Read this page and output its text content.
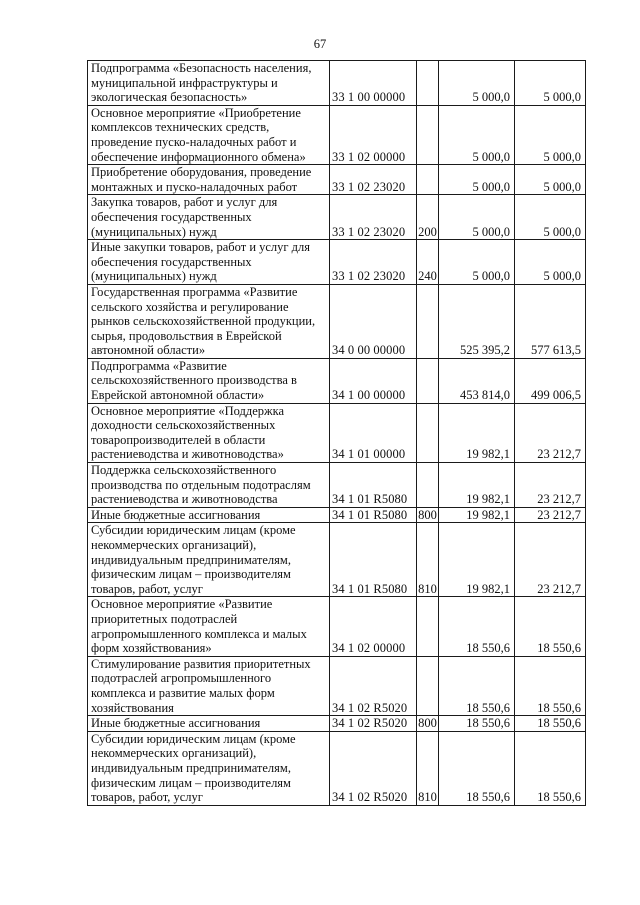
67
Подпрограмма «Безопасность населения,
муниципальной инфраструктуры и
экологическая безопасность»	33 1 00 00000		5 000,0	5 000,0

Основное мероприятие «Приобретение
комплексов технических средств,
проведение пуско-наладочных работ и
обеспечение информационного обмена»	33 1 02 00000		5 000,0	5 000,0

Приобретение оборудования, проведение
монтажных и пуско-наладочных работ	33 1 02 23020		5 000,0	5 000,0

Закупка товаров, работ и услуг для
обеспечения государственных
(муниципальных) нужд	33 1 02 23020	200	5 000,0	5 000,0

Иные закупки товаров, работ и услуг для
обеспечения государственных
(муниципальных) нужд	33 1 02 23020	240	5 000,0	5 000,0

Государственная программа «Развитие
сельского хозяйства и регулирование
рынков сельскохозяйственной продукции,
сырья, продовольствия в Еврейской
автономной области»	34 0 00 00000		525 395,2	577 613,5

Подпрограмма «Развитие
сельскохозяйственного производства в
Еврейской автономной области»	34 1 00 00000		453 814,0	499 006,5

Основное мероприятие «Поддержка
доходности сельскохозяйственных
товаропроизводителей в области
растениеводства и животноводства»	34 1 01 00000		19 982,1	23 212,7

Поддержка сельскохозяйственного
производства по отдельным подотраслям
растениеводства и животноводства	34 1 01 R5080		19 982,1	23 212,7

Иные бюджетные ассигнования	34 1 01 R5080	800	19 982,1	23 212,7

Субсидии юридическим лицам (кроме
некоммерческих организаций),
индивидуальным предпринимателям,
физическим лицам – производителям
товаров, работ, услуг	34 1 01 R5080	810	19 982,1	23 212,7

Основное мероприятие «Развитие
приоритетных подотраслей
агропромышленного комплекса и малых
форм хозяйствования»	34 1 02 00000		18 550,6	18 550,6

Стимулирование развития приоритетных
подотраслей агропромышленного
комплекса и развитие малых форм
хозяйствования	34 1 02 R5020		18 550,6	18 550,6

Иные бюджетные ассигнования	34 1 02 R5020	800	18 550,6	18 550,6

Субсидии юридическим лицам (кроме
некоммерческих организаций),
индивидуальным предпринимателям,
физическим лицам – производителям
товаров, работ, услуг	34 1 02 R5020	810	18 550,6	18 550,6
